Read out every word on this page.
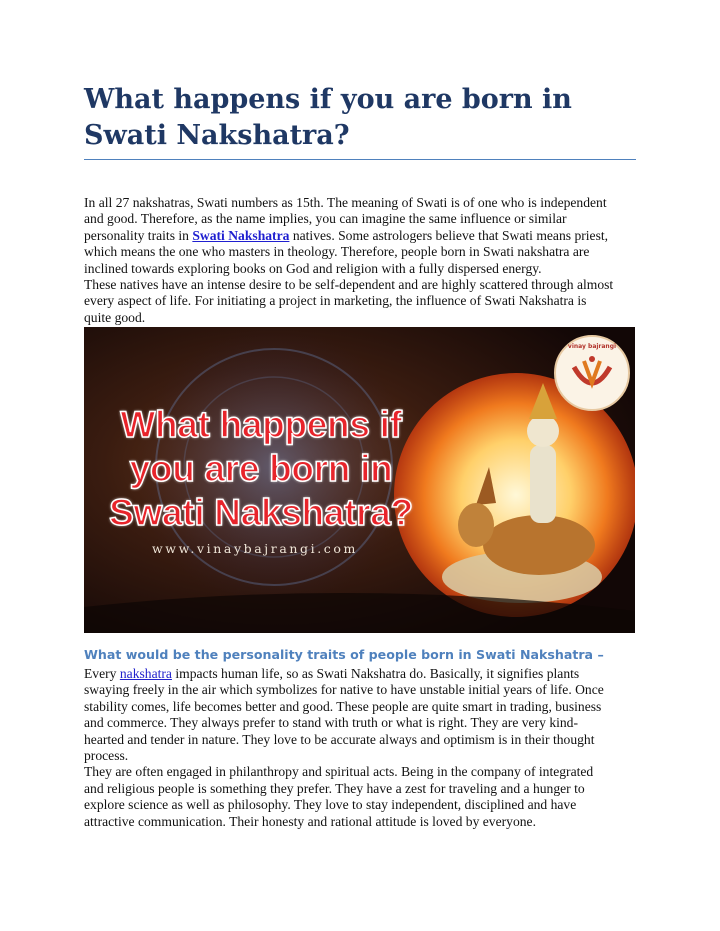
What happens if you are born in Swati Nakshatra?

In all 27 nakshatras, Swati numbers as 15th. The meaning of Swati is of one who is independent
and good. Therefore, as the name implies, you can imagine the same influence or similar
personality traits in Swati Nakshatra natives. Some astrologers believe that Swati means priest,
which means the one who masters in theology. Therefore, people born in Swati nakshatra are
inclined towards exploring books on God and religion with a fully dispersed energy.
These natives have an intense desire to be self-dependent and are highly scattered through almost
every aspect of life. For initiating a project in marketing, the influence of Swati Nakshatra is
quite good.

What happens if
you are born in
Swati Nakshatra?
www.vinaybajrangi.com
vinay bajrangi
What would be the personality traits of people born in Swati Nakshatra –

Every nakshatra impacts human life, so as Swati Nakshatra do. Basically, it signifies plants
swaying freely in the air which symbolizes for native to have unstable initial years of life. Once
stability comes, life becomes better and good. These people are quite smart in trading, business
and commerce. They always prefer to stand with truth or what is right. They are very kind-
hearted and tender in nature. They love to be accurate always and optimism is in their thought
process.
They are often engaged in philanthropy and spiritual acts. Being in the company of integrated
and religious people is something they prefer. They have a zest for traveling and a hunger to
explore science as well as philosophy. They love to stay independent, disciplined and have
attractive communication. Their honesty and rational attitude is loved by everyone.
